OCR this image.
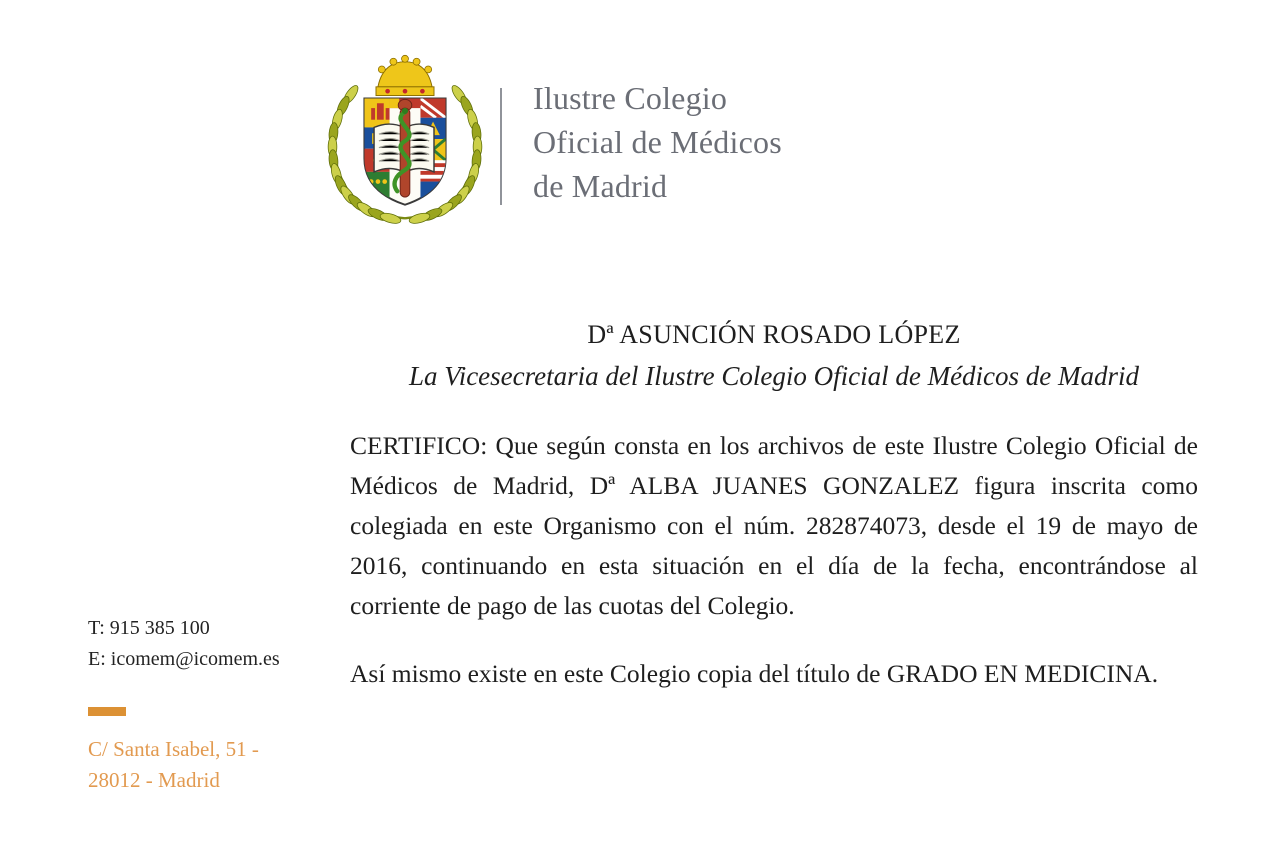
Ilustre Colegio
Oficial de Médicos
de Madrid
Dª ASUNCIÓN ROSADO LÓPEZ
La Vicesecretaria del Ilustre Colegio Oficial de Médicos de Madrid

CERTIFICO: Que según consta en los archivos de este Ilustre Colegio Oficial de Médicos de Madrid, Dª ALBA JUANES GONZALEZ figura inscrita como colegiada en este Organismo con el núm. 282874073, desde el 19 de mayo de 2016, continuando en esta situación en el día de la fecha, encontrándose al corriente de pago de las cuotas del Colegio.

Así mismo existe en este Colegio copia del título de GRADO EN MEDICINA.

T: 915 385 100
E: icomem@icomem.es
C/ Santa Isabel, 51 -
28012 - Madrid
